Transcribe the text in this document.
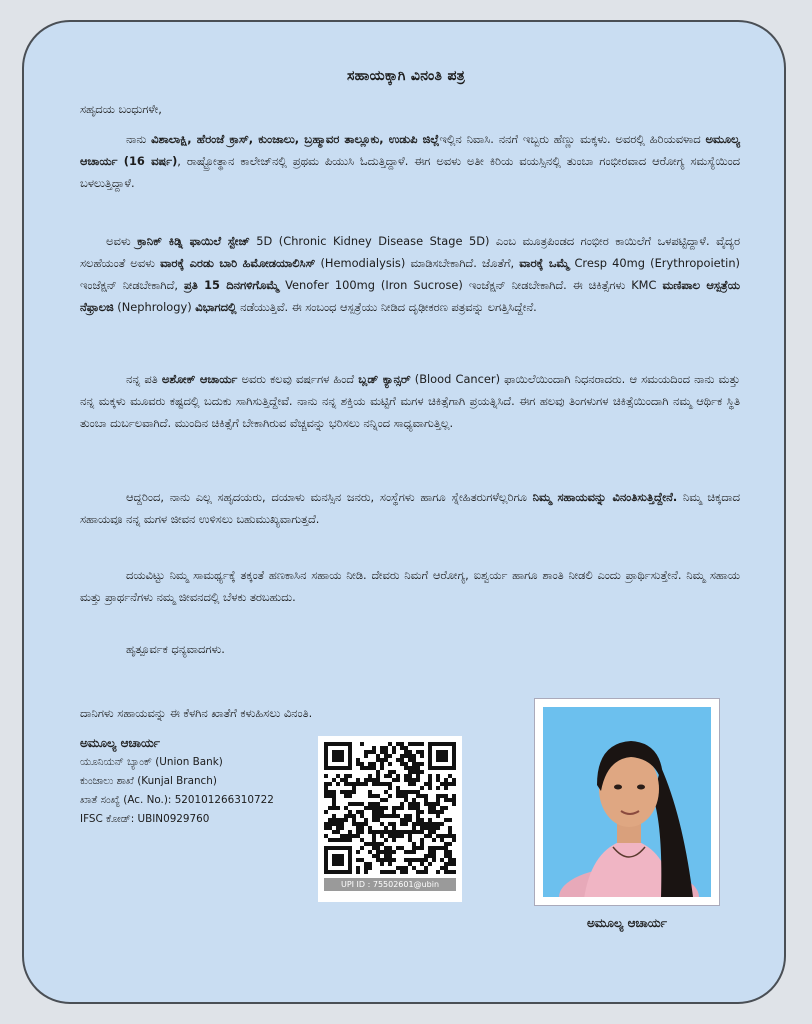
ಸಹಾಯಕ್ಕಾಗಿ ವಿನಂತಿ ಪತ್ರ

ಸಹೃದಯ ಬಂಧುಗಳೇ,

ನಾನು ವಿಶಾಲಾಕ್ಷಿ, ಹೆರಂಜೆ ಕ್ರಾಸ್, ಕುಂಜಾಲು, ಬ್ರಹ್ಮಾವರ ತಾಲ್ಲೂಕು, ಉಡುಪಿ ಜಿಲ್ಲೆಇಲ್ಲಿನ ನಿವಾಸಿ. ನನಗೆ ಇಬ್ಬರು ಹೆಣ್ಣು ಮಕ್ಕಳು. ಅವರಲ್ಲಿ ಹಿರಿಯವಳಾದ ಅಮೂಲ್ಯ ಆಚಾರ್ಯ (16 ವರ್ಷ), ರಾಷ್ಟ್ರೋತ್ಥಾನ ಕಾಲೇಜ್‌ನಲ್ಲಿ ಪ್ರಥಮ ಪಿಯುಸಿ ಓದುತ್ತಿದ್ದಾಳೆ. ಈಗ ಅವಳು ಅತೀ ಕಿರಿಯ ವಯಸ್ಸಿನಲ್ಲಿ ತುಂಬಾ ಗಂಭೀರವಾದ ಆರೋಗ್ಯ ಸಮಸ್ಯೆಯಿಂದ ಬಳಲುತ್ತಿದ್ದಾಳೆ.

ಅವಳು ಕ್ರಾನಿಕ್ ಕಿಡ್ನಿ ಫಾಯಿಲೆ ಸ್ಟೇಜ್ 5D (Chronic Kidney Disease Stage 5D) ಎಂಬ ಮೂತ್ರಪಿಂಡದ ಗಂಭೀರ ಕಾಯಿಲೆಗೆ ಒಳಪಟ್ಟಿದ್ದಾಳೆ. ವೈದ್ಯರ ಸಲಹೆಯಂತೆ ಅವಳು ವಾರಕ್ಕೆ ಎರಡು ಬಾರಿ ಹಿಮೋಡಯಾಲಿಸಿಸ್ (Hemodialysis) ಮಾಡಿಸಬೇಕಾಗಿದೆ. ಜೊತೆಗೆ, ವಾರಕ್ಕೆ ಒಮ್ಮೆ Cresp 40mg (Erythropoietin) ಇಂಜೆಕ್ಷನ್ ನೀಡಬೇಕಾಗಿದೆ, ಪ್ರತಿ 15 ದಿನಗಳಿಗೊಮ್ಮೆ Venofer 100mg (Iron Sucrose) ಇಂಜೆಕ್ಷನ್ ನೀಡಬೇಕಾಗಿದೆ. ಈ ಚಿಕಿತ್ಸೆಗಳು KMC ಮಣಿಪಾಲ ಆಸ್ಪತ್ರೆಯ ನೆಫ್ರಾಲಜಿ (Nephrology) ವಿಭಾಗದಲ್ಲಿ ನಡೆಯುತ್ತಿವೆ. ಈ ಸಂಬಂಧ ಆಸ್ಪತ್ರೆಯು ನೀಡಿದ ದೃಢೀಕರಣ ಪತ್ರವನ್ನು ಲಗತ್ತಿಸಿದ್ದೇನೆ.

ನನ್ನ ಪತಿ ಅಶೋಕ್ ಆಚಾರ್ಯ ಅವರು ಕಲವು ವರ್ಷಗಳ ಹಿಂದೆ ಬ್ಲಡ್ ಕ್ಯಾನ್ಸರ್ (Blood Cancer) ಫಾಯಿಲೆಯಿಂದಾಗಿ ನಿಧನರಾದರು. ಆ ಸಮಯದಿಂದ ನಾನು ಮತ್ತು ನನ್ನ ಮಕ್ಕಳು ಮೂವರು ಕಷ್ಟದಲ್ಲಿ ಬದುಕು ಸಾಗಿಸುತ್ತಿದ್ದೇವೆ. ನಾನು ನನ್ನ ಶಕ್ತಿಯ ಮಟ್ಟಿಗೆ ಮಗಳ ಚಿಕಿತ್ಸೆಗಾಗಿ ಪ್ರಯತ್ನಿಸಿದೆ. ಈಗ ಹಲವು ತಿಂಗಳುಗಳ ಚಿಕಿತ್ಸೆಯಿಂದಾಗಿ ನಮ್ಮ ಆರ್ಥಿಕ ಸ್ಥಿತಿ ತುಂಬಾ ದುರ್ಬಲವಾಗಿದೆ. ಮುಂದಿನ ಚಿಕಿತ್ಸೆಗೆ ಬೇಕಾಗಿರುವ ವೆಚ್ಚವನ್ನು ಭರಿಸಲು ನನ್ನಿಂದ ಸಾಧ್ಯವಾಗುತ್ತಿಲ್ಲ.

ಆದ್ದರಿಂದ, ನಾನು ಎಲ್ಲ ಸಹೃದಯರು, ದಯಾಳು ಮನಸ್ಸಿನ ಜನರು, ಸಂಸ್ಥೆಗಳು ಹಾಗೂ ಸ್ನೇಹಿತರುಗಳೆಲ್ಲರಿಗೂ ನಿಮ್ಮ ಸಹಾಯವನ್ನು ವಿನಂತಿಸುತ್ತಿದ್ದೇನೆ. ನಿಮ್ಮ ಚಿಕ್ಕದಾದ ಸಹಾಯವೂ ನನ್ನ ಮಗಳ ಜೀವನ ಉಳಿಸಲು ಬಹುಮುಖ್ಯವಾಗುತ್ತದೆ.

ದಯವಿಟ್ಟು ನಿಮ್ಮ ಸಾಮರ್ಥ್ಯಕ್ಕೆ ತಕ್ಕಂತೆ ಹಣಕಾಸಿನ ಸಹಾಯ ನೀಡಿ. ದೇವರು ನಿಮಗೆ ಆರೋಗ್ಯ, ಐಶ್ವರ್ಯ ಹಾಗೂ ಶಾಂತಿ ನೀಡಲಿ ಎಂದು ಪ್ರಾರ್ಥಿಸುತ್ತೇನೆ. ನಿಮ್ಮ ಸಹಾಯ ಮತ್ತು ಪ್ರಾರ್ಥನೆಗಳು ನಮ್ಮ ಜೀವನದಲ್ಲಿ ಬೆಳಕು ತರಬಹುದು.

ಹೃತ್ಪೂರ್ವಕ ಧನ್ಯವಾದಗಳು.

ದಾನಿಗಳು ಸಹಾಯವನ್ನು ಈ ಕೆಳಗಿನ ಖಾತೆಗೆ ಕಳುಹಿಸಲು ವಿನಂತಿ.

ಅಮೂಲ್ಯ ಆಚಾರ್ಯ
ಯೂನಿಯನ್ ಬ್ಯಾಂಕ್ (Union Bank)
ಕುಂಜಾಲು ಶಾಖೆ (Kunjal Branch)
ಖಾತೆ ಸಂಖ್ಯೆ (Ac. No.): 520101266310722
IFSC ಕೋಡ್: UBIN0929760
UPI ID : 75502601@ubin
ಅಮೂಲ್ಯ ಆಚಾರ್ಯ
